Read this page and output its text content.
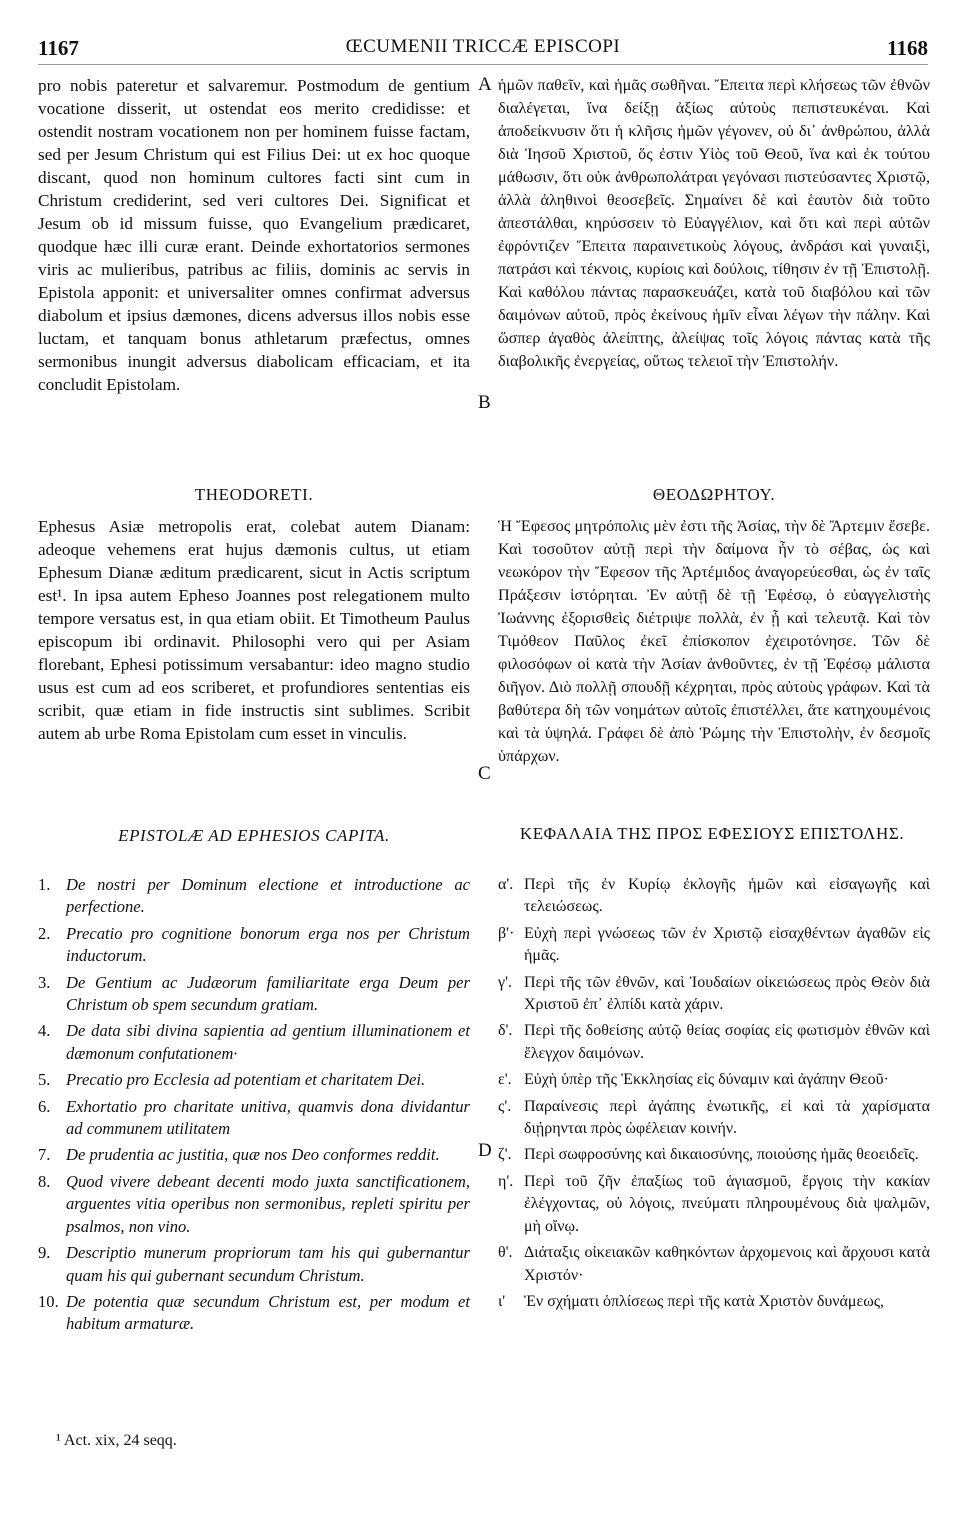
1167	ŒCUMENII TRICCÆ EPISCOPI	1168
A
B
C
D

pro nobis pateretur et salvaremur. Postmodum de gentium vocatione disserit, ut ostendat eos merito credidisse: et ostendit nostram vocationem non per hominem fuisse factam, sed per Jesum Christum qui est Filius Dei: ut ex hoc quoque discant, quod non hominum cultores facti sint cum in Christum crediderint, sed veri cultores Dei. Significat et Jesum ob id missum fuisse, quo Evangelium prædicaret, quodque hæc illi curæ erant. Deinde exhortatorios sermones viris ac mulieribus, patribus ac filiis, dominis ac servis in Epistola apponit: et universaliter omnes confirmat adversus diabolum et ipsius dæmones, dicens adversus illos nobis esse luctam, et tanquam bonus athletarum præfectus, omnes sermonibus inungit adversus diabolicam efficaciam, et ita concludit Epistolam.

THEODORETI.

Ephesus Asiæ metropolis erat, colebat autem Dianam: adeoque vehemens erat hujus dæmonis cultus, ut etiam Ephesum Dianæ æditum prædicarent, sicut in Actis scriptum est¹. In ipsa autem Epheso Joannes post relegationem multo tempore versatus est, in qua etiam obiit. Et Timotheum Paulus episcopum ibi ordinavit. Philosophi vero qui per Asiam florebant, Ephesi potissimum versabantur: ideo magno studio usus est cum ad eos scriberet, et profundiores sententias eis scribit, quæ etiam in fide instructis sint sublimes. Scribit autem ab urbe Roma Epistolam cum esset in vinculis.

EPISTOLÆ AD EPHESIOS CAPITA.
1. De nostri per Dominum electione et introductione ac perfectione.
2. Precatio pro cognitione bonorum erga nos per Christum inductorum.
3. De Gentium ac Judæorum familiaritate erga Deum per Christum ob spem secundum gratiam.
4. De data sibi divina sapientia ad gentium illuminationem et dæmonum confutationem·
5. Precatio pro Ecclesia ad potentiam et charitatem Dei.
6. Exhortatio pro charitate unitiva, quamvis dona dividantur ad communem utilitatem
7. De prudentia ac justitia, quæ nos Deo conformes reddit.
8. Quod vivere debeant decenti modo juxta sanctificationem, arguentes vitia operibus non sermonibus, repleti spiritu per psalmos, non vino.
9. Descriptio munerum propriorum tam his qui gubernantur quam his qui gubernant secundum Christum.
10. De potentia quæ secundum Christum est, per modum et habitum armaturæ.

ἡμῶν παθεῖν, καὶ ἡμᾶς σωθῆναι. Ἔπειτα περὶ κλήσεως τῶν ἐθνῶν διαλέγεται, ἵνα δείξῃ ἀξίως αὐτοὺς πεπιστευκέναι. Καὶ ἀποδείκνυσιν ὅτι ἡ κλῆσις ἡμῶν γέγονεν, οὐ δι᾽ ἀνθρώπου, ἀλλὰ διὰ Ἰησοῦ Χριστοῦ, ὅς ἐστιν Υἱὸς τοῦ Θεοῦ, ἵνα καὶ ἐκ τούτου μάθωσιν, ὅτι οὐκ ἀνθρωπολάτραι γεγόνασι πιστεύσαντες Χριστῷ, ἀλλὰ ἀληθινοὶ θεοσεβεῖς. Σημαίνει δὲ καὶ ἑαυτὸν διὰ τοῦτο ἀπεστάλθαι, κηρύσσειν τὸ Εὐαγγέλιον, καὶ ὅτι καὶ περὶ αὐτῶν ἐφρόντιζεν Ἔπειτα παραινετικοὺς λόγους, ἀνδράσι καὶ γυναιξὶ, πατράσι καὶ τέκνοις, κυρίοις καὶ δούλοις, τίθησιν ἐν τῇ Ἐπιστολῇ. Καὶ καθόλου πάντας παρασκευάζει, κατὰ τοῦ διαβόλου καὶ τῶν δαιμόνων αὐτοῦ, πρὸς ἐκείνους ἡμῖν εἶναι λέγων τὴν πάλην. Καὶ ὥσπερ ἀγαθὸς ἀλείπτης, ἀλείψας τοῖς λόγοις πάντας κατὰ τῆς διαβολικῆς ἐνεργείας, οὕτως τελειοῖ τὴν Ἐπιστολήν.

ΘΕΟΔΩΡΗΤΟΥ.

Ἡ Ἔφεσος μητρόπολις μὲν ἐστι τῆς Ἀσίας, τὴν δὲ Ἄρτεμιν ἔσεβε. Καὶ τοσοῦτον αὐτῇ περὶ τὴν δαίμονα ἦν τὸ σέβας, ὡς καὶ νεωκόρον τὴν Ἔφεσον τῆς Ἀρτέμιδος ἀναγορεύεσθαι, ὡς ἐν ταῖς Πράξεσιν ἱστόρηται. Ἐν αὐτῇ δὲ τῇ Ἐφέσῳ, ὁ εὐαγγελιστὴς Ἰωάννης ἐξορισθεὶς διέτριψε πολλὰ, ἐν ᾗ καὶ τελευτᾷ. Καὶ τὸν Τιμόθεον Παῦλος ἐκεῖ ἐπίσκοπον ἐχειροτόνησε. Τῶν δὲ φιλοσόφων οἱ κατὰ τὴν Ἀσίαν ἀνθοῦντες, ἐν τῇ Ἐφέσῳ μάλιστα διῆγον. Διὸ πολλῇ σπουδῇ κέχρηται, πρὸς αὐτοὺς γράφων. Καὶ τὰ βαθύτερα δὴ τῶν νοημάτων αὐτοῖς ἐπιστέλλει, ἅτε κατηχουμένοις καὶ τὰ ὑψηλά. Γράφει δὲ ἀπὸ Ῥώμης τὴν Ἐπιστολὴν, ἐν δεσμοῖς ὑπάρχων.

ΚΕΦΑΛΑΙΑ ΤΗΣ ΠΡΟΣ ΕΦΕΣΙΟΥΣ ΕΠΙΣΤΟΛΗΣ.
α'. Περὶ τῆς ἐν Κυρίῳ ἐκλογῆς ἡμῶν καὶ εἰσαγωγῆς καὶ τελειώσεως.
β'· Εὐχὴ περὶ γνώσεως τῶν ἐν Χριστῷ εἰσαχθέντων ἀγαθῶν εἰς ἡμᾶς.
γ'. Περὶ τῆς τῶν ἐθνῶν, καὶ Ἰουδαίων οἰκειώσεως πρὸς Θεὸν διὰ Χριστοῦ ἐπ᾽ ἐλπίδι κατὰ χάριν.
δ'. Περὶ τῆς δοθείσης αὐτῷ θείας σοφίας εἰς φωτισμὸν ἐθνῶν καὶ ἔλεγχον δαιμόνων.
ε'. Εὐχὴ ὑπὲρ τῆς Ἐκκλησίας εἰς δύναμιν καὶ ἀγάπην Θεοῦ·
ς'. Παραίνεσις περὶ ἀγάπης ἑνωτικῆς, εἰ καὶ τὰ χαρίσματα διῄρηνται πρὸς ὠφέλειαν κοινήν.
ζ'. Περὶ σωφροσύνης καὶ δικαιοσύνης, ποιούσης ἡμᾶς θεοειδεῖς.
η'. Περὶ τοῦ ζῆν ἐπαξίως τοῦ ἁγιασμοῦ, ἔργοις τὴν κακίαν ἐλέγχοντας, οὐ λόγοις, πνεύματι πληρουμένους διὰ ψαλμῶν, μὴ οἴνῳ.
θ'. Διάταξις οἰκειακῶν καθηκόντων ἀρχομενοις καὶ ἄρχουσι κατὰ Χριστόν·
ι' Ἐν σχήματι ὁπλίσεως περὶ τῆς κατὰ Χριστὸν δυνάμεως,
¹ Act. xix, 24 seqq.
